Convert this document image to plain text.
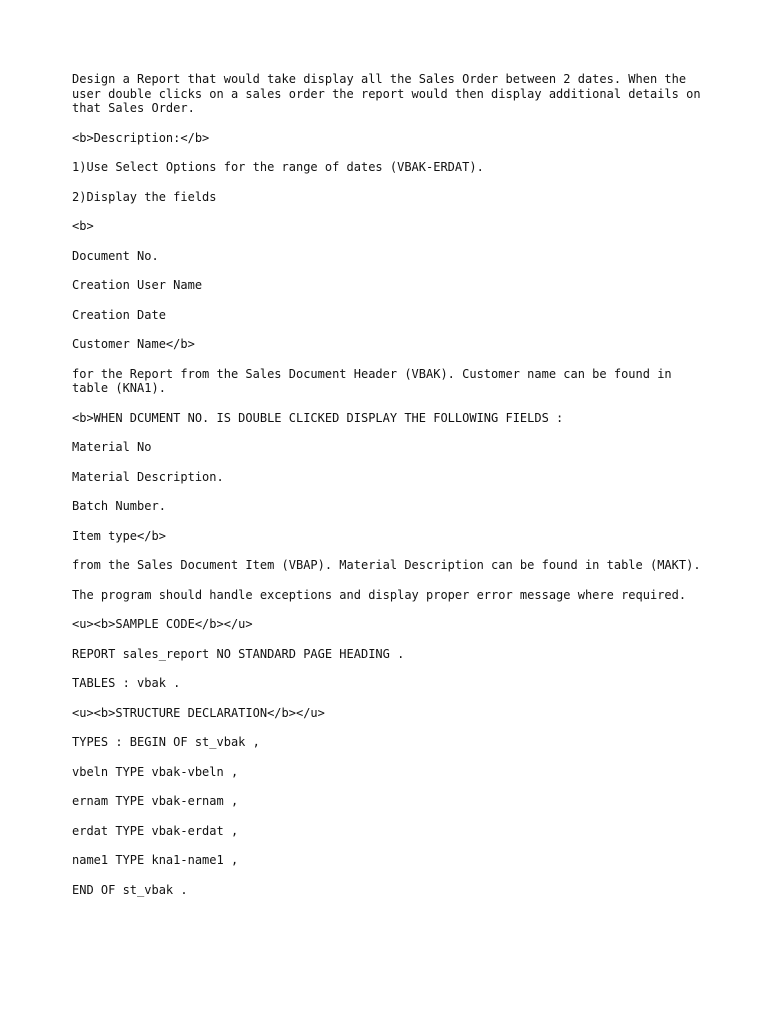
Design a Report that would take display all the Sales Order between 2 dates. When the user double clicks on a sales order the report would then display additional details on that Sales Order.

<b>Description:</b>

1)Use Select Options for the range of dates (VBAK-ERDAT).

2)Display the fields

<b>

Document No.

Creation User Name

Creation Date

Customer Name</b>

for the Report from the Sales Document Header (VBAK). Customer name can be found in table (KNA1).

<b>WHEN DCUMENT NO. IS DOUBLE CLICKED DISPLAY THE FOLLOWING FIELDS :

Material No

Material Description.

Batch Number.

Item type</b>

from the Sales Document Item (VBAP). Material Description can be found in table (MAKT).

The program should handle exceptions and display proper error message where required.

<u><b>SAMPLE CODE</b></u>

REPORT sales_report NO STANDARD PAGE HEADING .

TABLES : vbak .

<u><b>STRUCTURE DECLARATION</b></u>

TYPES : BEGIN OF st_vbak ,

vbeln TYPE vbak-vbeln ,

ernam TYPE vbak-ernam ,

erdat TYPE vbak-erdat ,

name1 TYPE kna1-name1 ,

END OF st_vbak .
